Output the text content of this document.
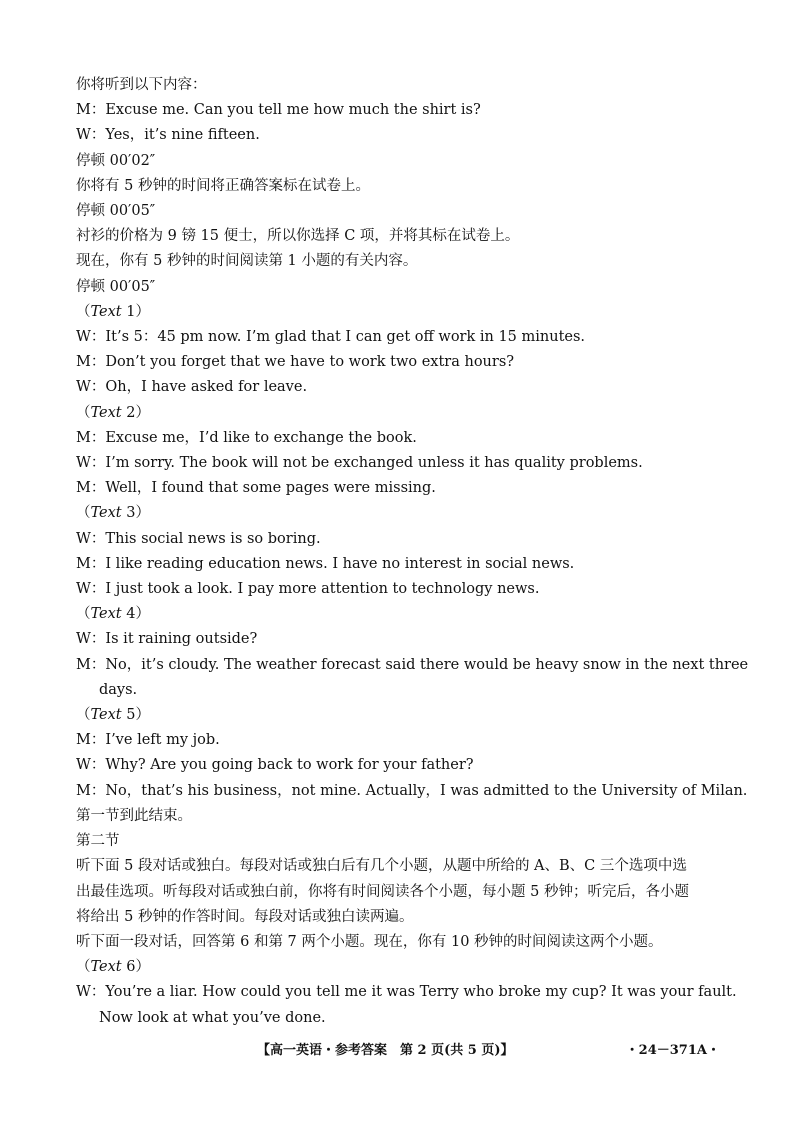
你将听到以下内容：
M：Excuse me. Can you tell me how much the shirt is?
W：Yes，it’s nine fifteen.
停顿 00′02″
你将有 5 秒钟的时间将正确答案标在试卷上。
停顿 00′05″
衬衫的价格为 9 镑 15 便士，所以你选择 C 项，并将其标在试卷上。
现在，你有 5 秒钟的时间阅读第 1 小题的有关内容。
停顿 00′05″
（Text 1）
W：It’s 5：45 pm now. I’m glad that I can get off work in 15 minutes.
M：Don’t you forget that we have to work two extra hours?
W：Oh，I have asked for leave.
（Text 2）
M：Excuse me，I’d like to exchange the book.
W：I’m sorry. The book will not be exchanged unless it has quality problems.
M：Well，I found that some pages were missing.
（Text 3）
W：This social news is so boring.
M：I like reading education news. I have no interest in social news.
W：I just took a look. I pay more attention to technology news.
（Text 4）
W：Is it raining outside?
M：No，it’s cloudy. The weather forecast said there would be heavy snow in the next three
days.
（Text 5）
M：I’ve left my job.
W：Why? Are you going back to work for your father?
M：No，that’s his business，not mine. Actually，I was admitted to the University of Milan.
第一节到此结束。
第二节
听下面 5 段对话或独白。每段对话或独白后有几个小题，从题中所给的 A、B、C 三个选项中选
出最佳选项。听每段对话或独白前，你将有时间阅读各个小题，每小题 5 秒钟；听完后，各小题
将给出 5 秒钟的作答时间。每段对话或独白读两遍。
听下面一段对话，回答第 6 和第 7 两个小题。现在，你有 10 秒钟的时间阅读这两个小题。
（Text 6）
W：You’re a liar. How could you tell me it was Terry who broke my cup? It was your fault.
Now look at what you’ve done.
【高一英语・参考答案　第 2 页(共 5 页)】	・24－371A・
